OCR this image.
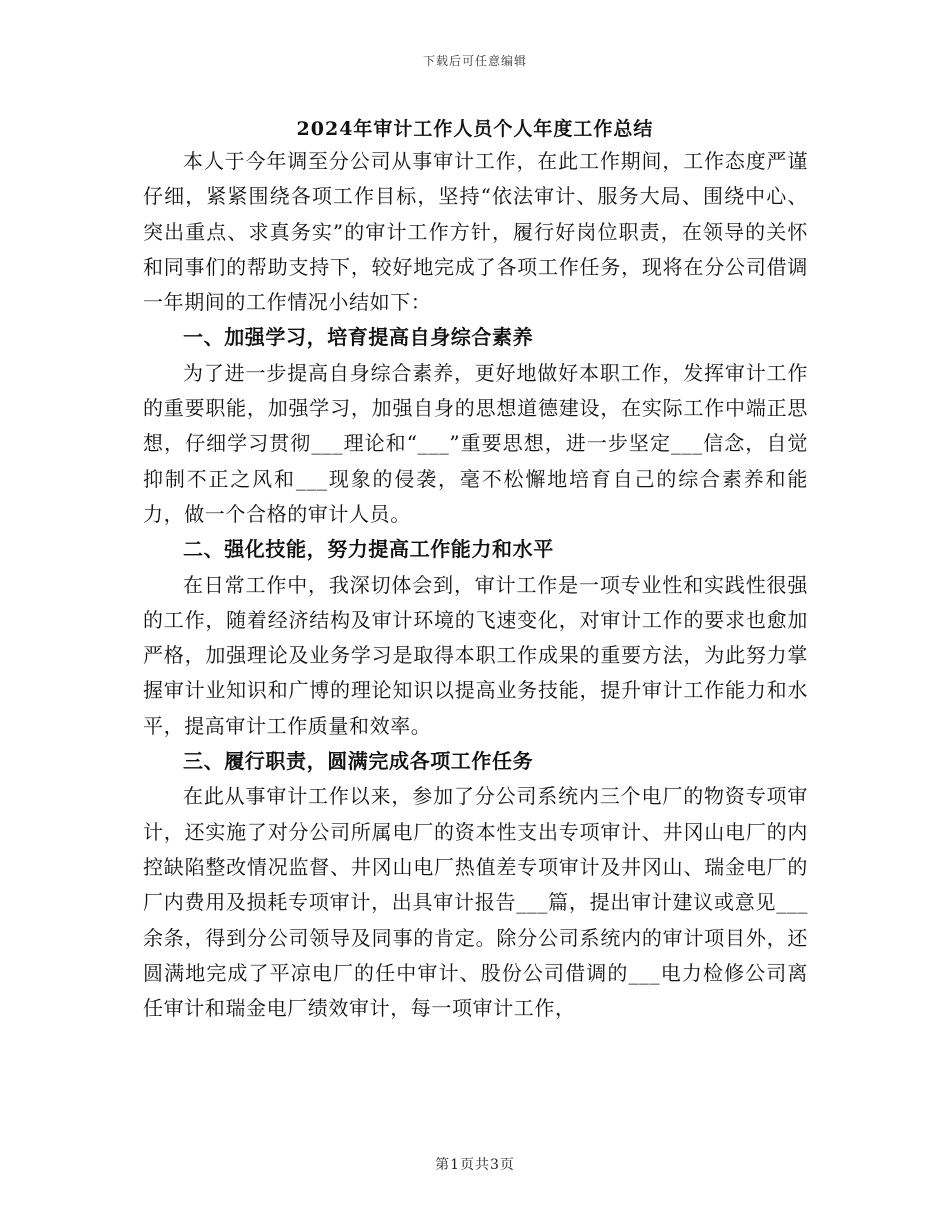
下载后可任意编辑
2024年审计工作人员个人年度工作总结

本人于今年调至分公司从事审计工作，在此工作期间，工作态度严谨仔细，紧紧围绕各项工作目标，坚持“依法审计、服务大局、围绕中心、突出重点、求真务实”的审计工作方针，履行好岗位职责，在领导的关怀和同事们的帮助支持下，较好地完成了各项工作任务，现将在分公司借调一年期间的工作情况小结如下：

一、加强学习，培育提高自身综合素养

为了进一步提高自身综合素养，更好地做好本职工作，发挥审计工作的重要职能，加强学习，加强自身的思想道德建设，在实际工作中端正思想，仔细学习贯彻___理论和“___”重要思想，进一步坚定___信念，自觉抑制不正之风和___现象的侵袭，毫不松懈地培育自己的综合素养和能力，做一个合格的审计人员。

二、强化技能，努力提高工作能力和水平

在日常工作中，我深切体会到，审计工作是一项专业性和实践性很强的工作，随着经济结构及审计环境的飞速变化，对审计工作的要求也愈加严格，加强理论及业务学习是取得本职工作成果的重要方法，为此努力掌握审计业知识和广博的理论知识以提高业务技能，提升审计工作能力和水平，提高审计工作质量和效率。

三、履行职责，圆满完成各项工作任务

在此从事审计工作以来，参加了分公司系统内三个电厂的物资专项审计，还实施了对分公司所属电厂的资本性支出专项审计、井冈山电厂的内控缺陷整改情况监督、井冈山电厂热值差专项审计及井冈山、瑞金电厂的厂内费用及损耗专项审计，出具审计报告___篇，提出审计建议或意见___余条，得到分公司领导及同事的肯定。除分公司系统内的审计项目外，还圆满地完成了平凉电厂的任中审计、股份公司借调的___电力检修公司离任审计和瑞金电厂绩效审计，每一项审计工作，

第1页共3页
